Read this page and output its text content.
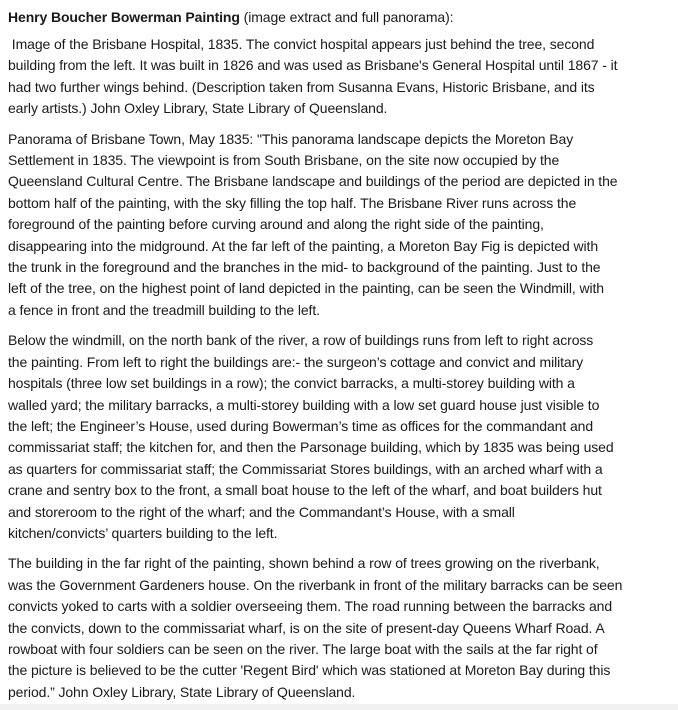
Henry Boucher Bowerman Painting (image extract and full panorama):

Image of the Brisbane Hospital, 1835. The convict hospital appears just behind the tree, second
building from the left. It was built in 1826 and was used as Brisbane's General Hospital until 1867 - it
had two further wings behind. (Description taken from Susanna Evans, Historic Brisbane, and its
early artists.) John Oxley Library, State Library of Queensland.

Panorama of Brisbane Town, May 1835: "This panorama landscape depicts the Moreton Bay
Settlement in 1835. The viewpoint is from South Brisbane, on the site now occupied by the
Queensland Cultural Centre. The Brisbane landscape and buildings of the period are depicted in the
bottom half of the painting, with the sky filling the top half. The Brisbane River runs across the
foreground of the painting before curving around and along the right side of the painting,
disappearing into the midground. At the far left of the painting, a Moreton Bay Fig is depicted with
the trunk in the foreground and the branches in the mid- to background of the painting. Just to the
left of the tree, on the highest point of land depicted in the painting, can be seen the Windmill, with
a fence in front and the treadmill building to the left.

Below the windmill, on the north bank of the river, a row of buildings runs from left to right across
the painting. From left to right the buildings are:- the surgeon’s cottage and convict and military
hospitals (three low set buildings in a row); the convict barracks, a multi-storey building with a
walled yard; the military barracks, a multi-storey building with a low set guard house just visible to
the left; the Engineer’s House, used during Bowerman’s time as offices for the commandant and
commissariat staff; the kitchen for, and then the Parsonage building, which by 1835 was being used
as quarters for commissariat staff; the Commissariat Stores buildings, with an arched wharf with a
crane and sentry box to the front, a small boat house to the left of the wharf, and boat builders hut
and storeroom to the right of the wharf; and the Commandant’s House, with a small
kitchen/convicts’ quarters building to the left.

The building in the far right of the painting, shown behind a row of trees growing on the riverbank,
was the Government Gardeners house. On the riverbank in front of the military barracks can be seen
convicts yoked to carts with a soldier overseeing them. The road running between the barracks and
the convicts, down to the commissariat wharf, is on the site of present-day Queens Wharf Road. A
rowboat with four soldiers can be seen on the river. The large boat with the sails at the far right of
the picture is believed to be the cutter 'Regent Bird' which was stationed at Moreton Bay during this
period.” John Oxley Library, State Library of Queensland.
